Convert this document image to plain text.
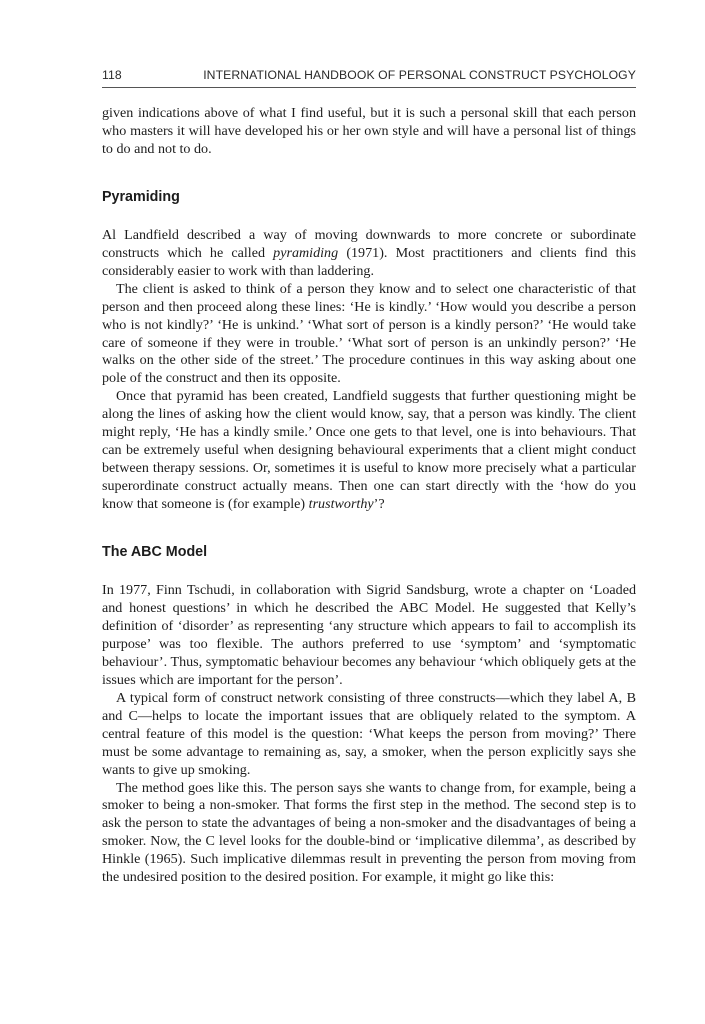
118	INTERNATIONAL HANDBOOK OF PERSONAL CONSTRUCT PSYCHOLOGY

given indications above of what I find useful, but it is such a personal skill that each person who masters it will have developed his or her own style and will have a personal list of things to do and not to do.

Pyramiding

Al Landfield described a way of moving downwards to more concrete or subordinate constructs which he called pyramiding (1971). Most practitioners and clients find this considerably easier to work with than laddering.

The client is asked to think of a person they know and to select one characteristic of that person and then proceed along these lines: ‘He is kindly.’ ‘How would you describe a person who is not kindly?’ ‘He is unkind.’ ‘What sort of person is a kindly person?’ ‘He would take care of someone if they were in trouble.’ ‘What sort of person is an unkindly person?’ ‘He walks on the other side of the street.’ The procedure continues in this way asking about one pole of the construct and then its opposite.

Once that pyramid has been created, Landfield suggests that further questioning might be along the lines of asking how the client would know, say, that a person was kindly. The client might reply, ‘He has a kindly smile.’ Once one gets to that level, one is into behaviours. That can be extremely useful when designing behavioural experiments that a client might conduct between therapy sessions. Or, sometimes it is useful to know more precisely what a particular superordinate construct actually means. Then one can start directly with the ‘how do you know that someone is (for example) trustworthy’?

The ABC Model

In 1977, Finn Tschudi, in collaboration with Sigrid Sandsburg, wrote a chapter on ‘Loaded and honest questions’ in which he described the ABC Model. He suggested that Kelly’s definition of ‘disorder’ as representing ‘any structure which appears to fail to accomplish its purpose’ was too flexible. The authors preferred to use ‘symptom’ and ‘symptomatic behaviour’. Thus, symptomatic behaviour becomes any behaviour ‘which obliquely gets at the issues which are important for the person’.

A typical form of construct network consisting of three constructs—which they label A, B and C—helps to locate the important issues that are obliquely related to the symptom. A central feature of this model is the question: ‘What keeps the person from moving?’ There must be some advantage to remaining as, say, a smoker, when the person explicitly says she wants to give up smoking.

The method goes like this. The person says she wants to change from, for example, being a smoker to being a non-smoker. That forms the first step in the method. The second step is to ask the person to state the advantages of being a non-smoker and the disadvantages of being a smoker. Now, the C level looks for the double-bind or ‘implicative dilemma’, as described by Hinkle (1965). Such implicative dilemmas result in preventing the person from moving from the undesired position to the desired position. For example, it might go like this:
